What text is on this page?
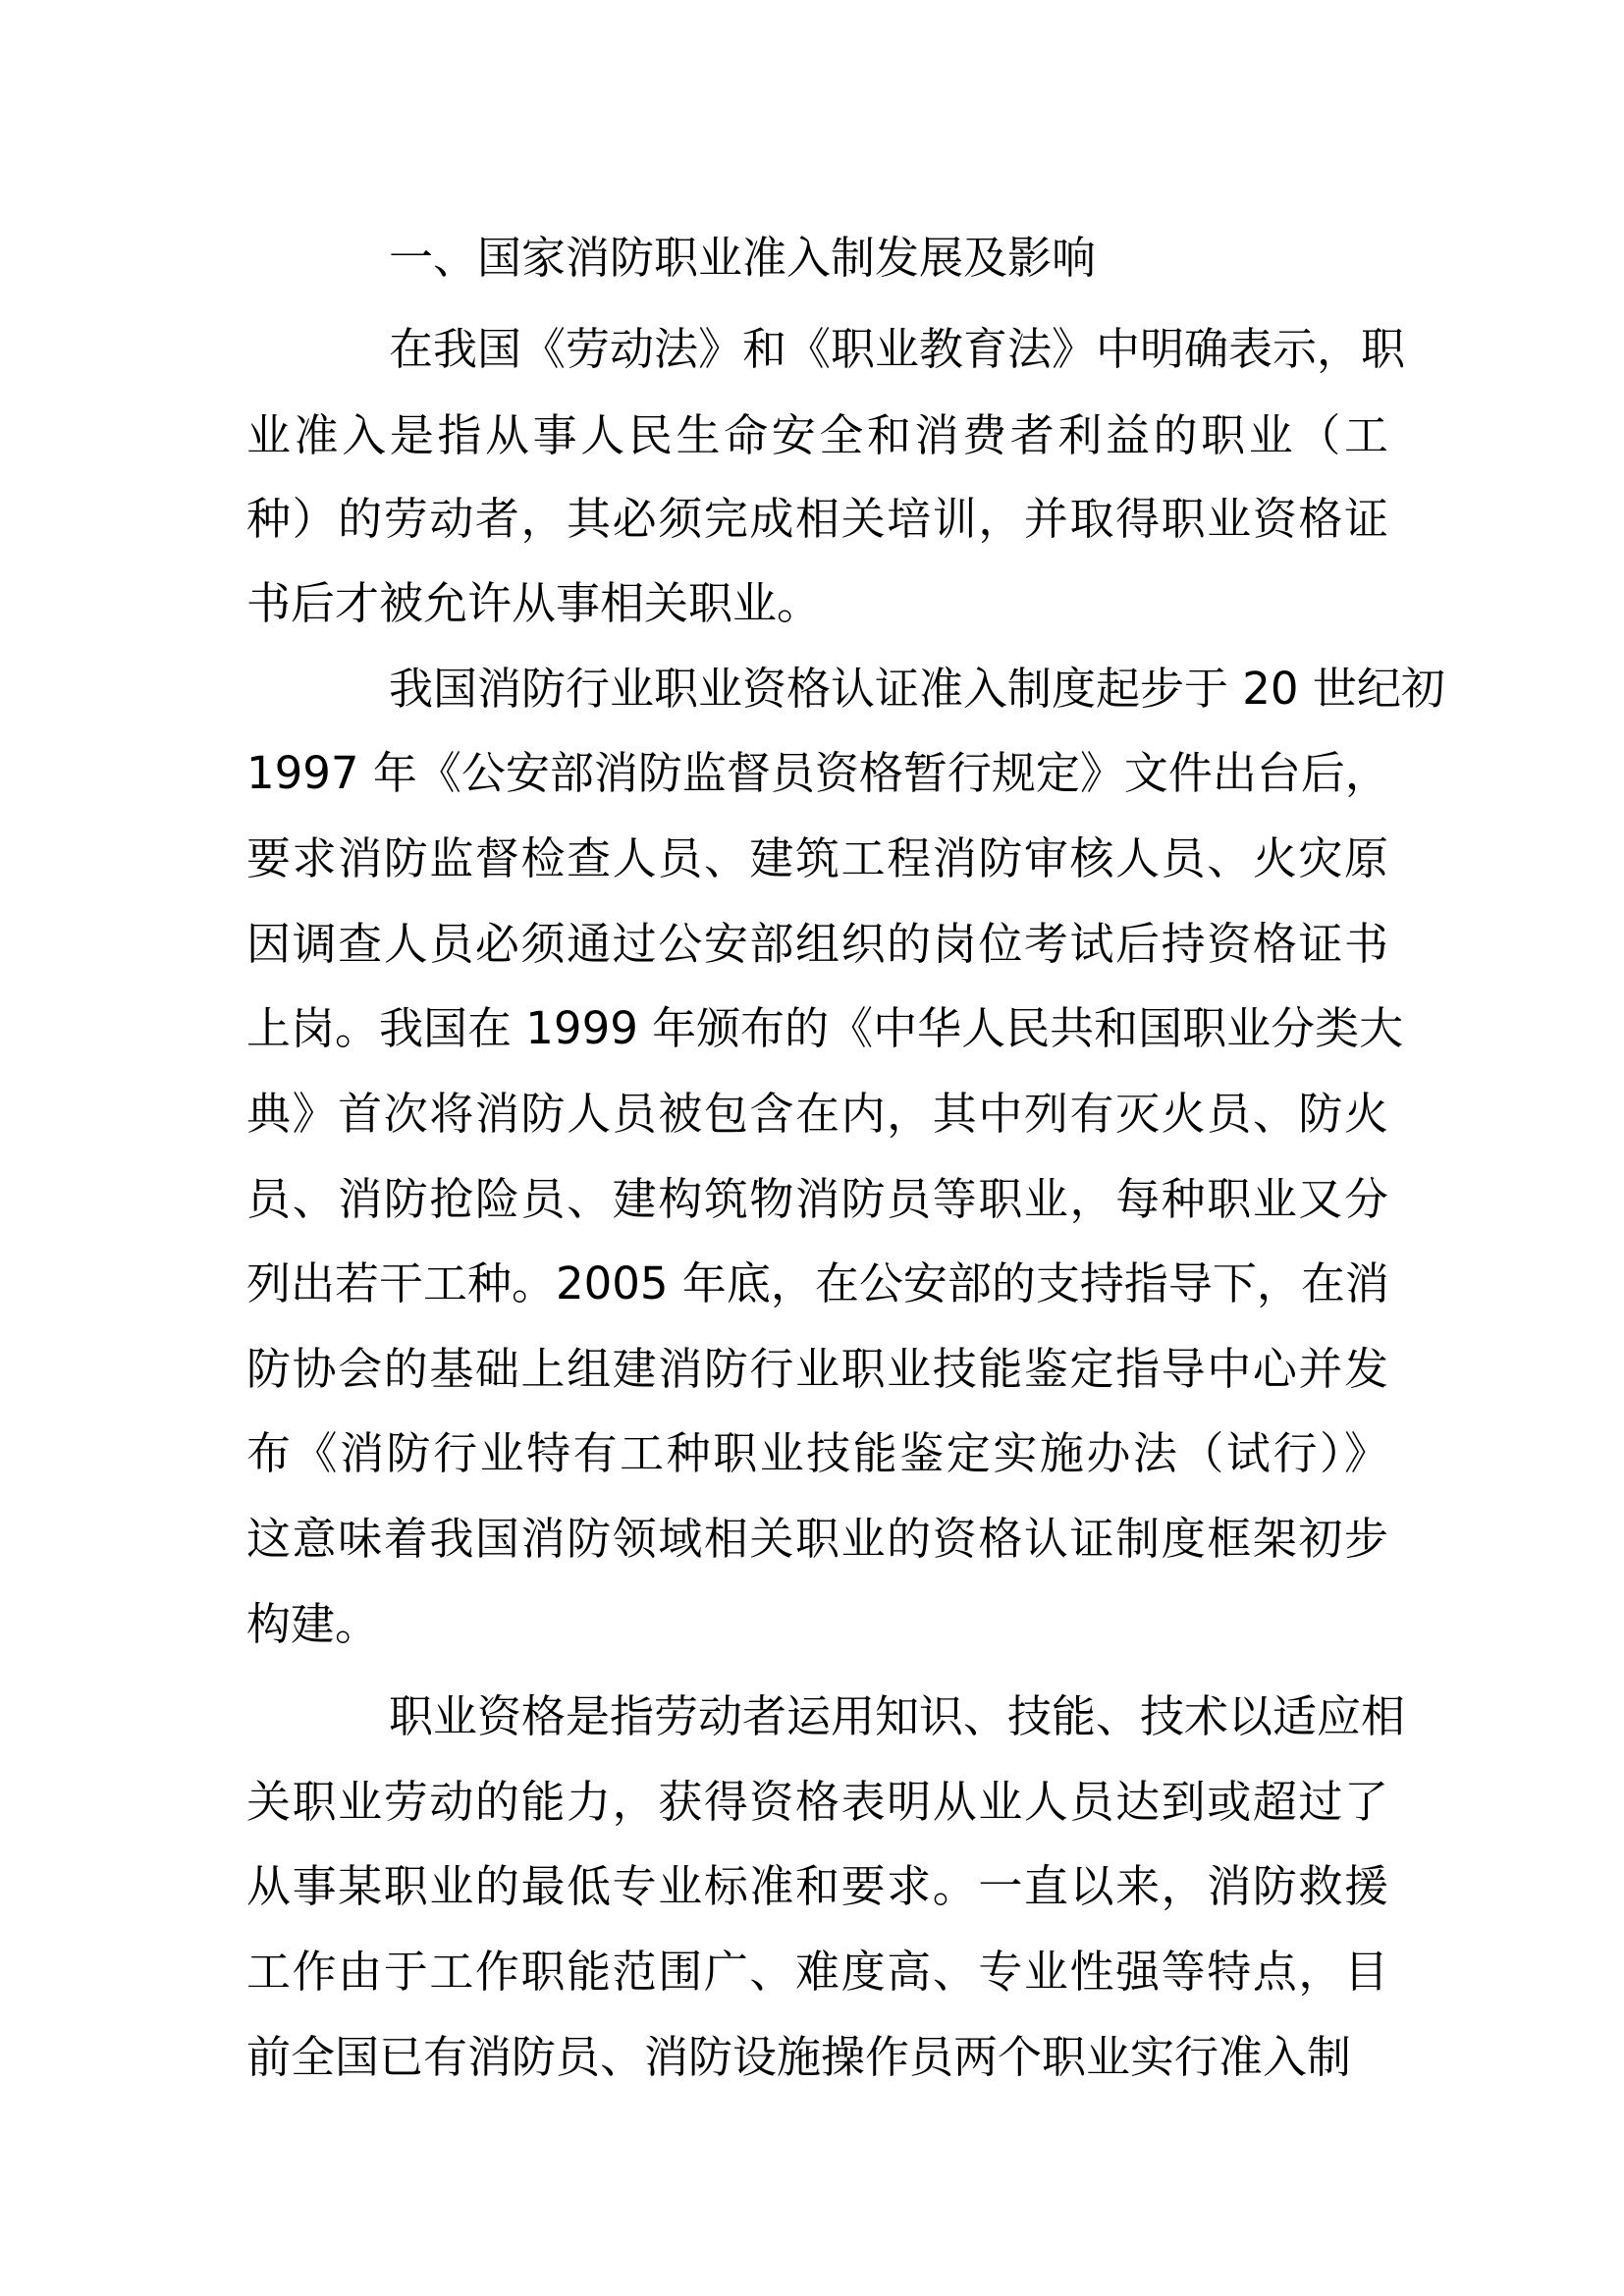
一、国家消防职业准入制发展及影响
在我国《劳动法》和《职业教育法》中明确表示，职
业准入是指从事人民生命安全和消费者利益的职业（工
种）的劳动者，其必须完成相关培训，并取得职业资格证
书后才被允许从事相关职业。
我国消防行业职业资格认证准入制度起步于 20 世纪初
1997 年《公安部消防监督员资格暂行规定》文件出台后，
要求消防监督检查人员、建筑工程消防审核人员、火灾原
因调查人员必须通过公安部组织的岗位考试后持资格证书
上岗。我国在 1999 年颁布的《中华人民共和国职业分类大
典》首次将消防人员被包含在内，其中列有灭火员、防火
员、消防抢险员、建构筑物消防员等职业，每种职业又分
列出若干工种。2005 年底，在公安部的支持指导下，在消
防协会的基础上组建消防行业职业技能鉴定指导中心并发
布《消防行业特有工种职业技能鉴定实施办法（试行）》
这意味着我国消防领域相关职业的资格认证制度框架初步
构建。
职业资格是指劳动者运用知识、技能、技术以适应相
关职业劳动的能力，获得资格表明从业人员达到或超过了
从事某职业的最低专业标准和要求。一直以来，消防救援
工作由于工作职能范围广、难度高、专业性强等特点，目
前全国已有消防员、消防设施操作员两个职业实行准入制
